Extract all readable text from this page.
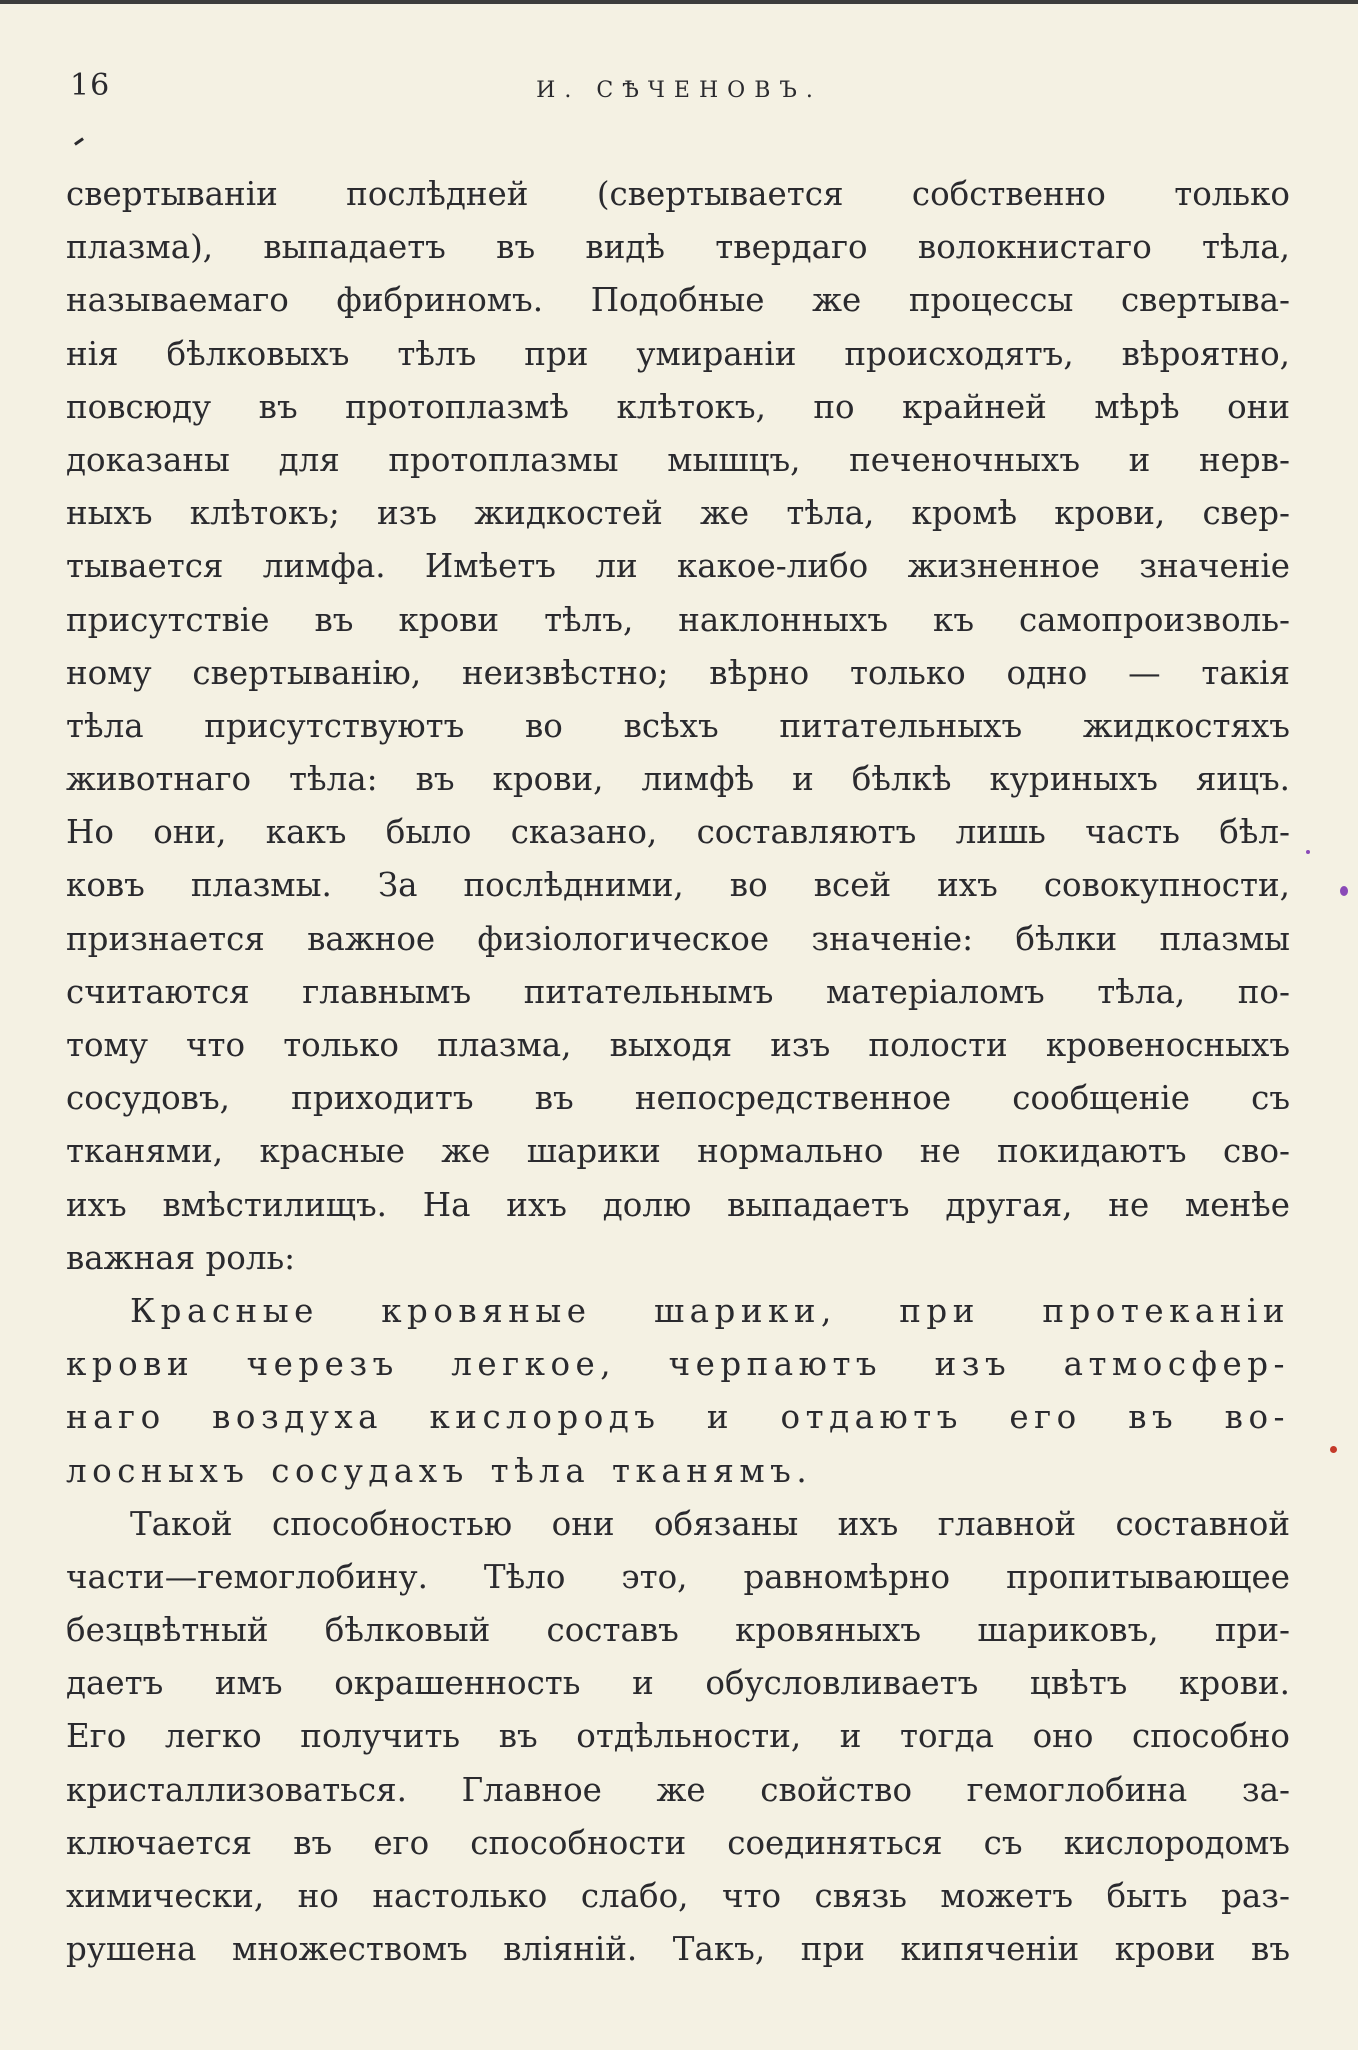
16	И. СѢЧЕНОВЪ.
свертываніи послѣдней (свертывается собственно только
плазма), выпадаетъ въ видѣ твердаго волокнистаго тѣла,
называемаго фибриномъ. Подобные же процессы свертыва-
нія бѣлковыхъ тѣлъ при умираніи происходятъ, вѣроятно,
повсюду въ протоплазмѣ клѣтокъ, по крайней мѣрѣ они
доказаны для протоплазмы мышцъ, печеночныхъ и нерв-
ныхъ клѣтокъ; изъ жидкостей же тѣла, кромѣ крови, свер-
тывается лимфа. Имѣетъ ли какое-либо жизненное значеніе
присутствіе въ крови тѣлъ, наклонныхъ къ самопроизволь-
ному свертыванію, неизвѣстно; вѣрно только одно — такія
тѣла присутствуютъ во всѣхъ питательныхъ жидкостяхъ
животнаго тѣла: въ крови, лимфѣ и бѣлкѣ куриныхъ яицъ.
Но они, какъ было сказано, составляютъ лишь часть бѣл-
ковъ плазмы. За послѣдними, во всей ихъ совокупности,
признается важное физіологическое значеніе: бѣлки плазмы
считаются главнымъ питательнымъ матеріаломъ тѣла, по-
тому что только плазма, выходя изъ полости кровеносныхъ
сосудовъ, приходитъ въ непосредственное сообщеніе съ
тканями, красные же шарики нормально не покидаютъ сво-
ихъ вмѣстилищъ. На ихъ долю выпадаетъ другая, не менѣе
важная роль:
Красные кровяные шарики, при протеканіи
крови черезъ легкое, черпаютъ изъ атмосфер-
наго воздуха кислородъ и отдаютъ его въ во-
лосныхъ сосудахъ тѣла тканямъ.
Такой способностью они обязаны ихъ главной составной
части—гемоглобину. Тѣло это, равномѣрно пропитывающее
безцвѣтный бѣлковый составъ кровяныхъ шариковъ, при-
даетъ имъ окрашенность и обусловливаетъ цвѣтъ крови.
Его легко получить въ отдѣльности, и тогда оно способно
кристаллизоваться. Главное же свойство гемоглобина за-
ключается въ его способности соединяться съ кислородомъ
химически, но настолько слабо, что связь можетъ быть раз-
рушена множествомъ вліяній. Такъ, при кипяченіи крови въ
